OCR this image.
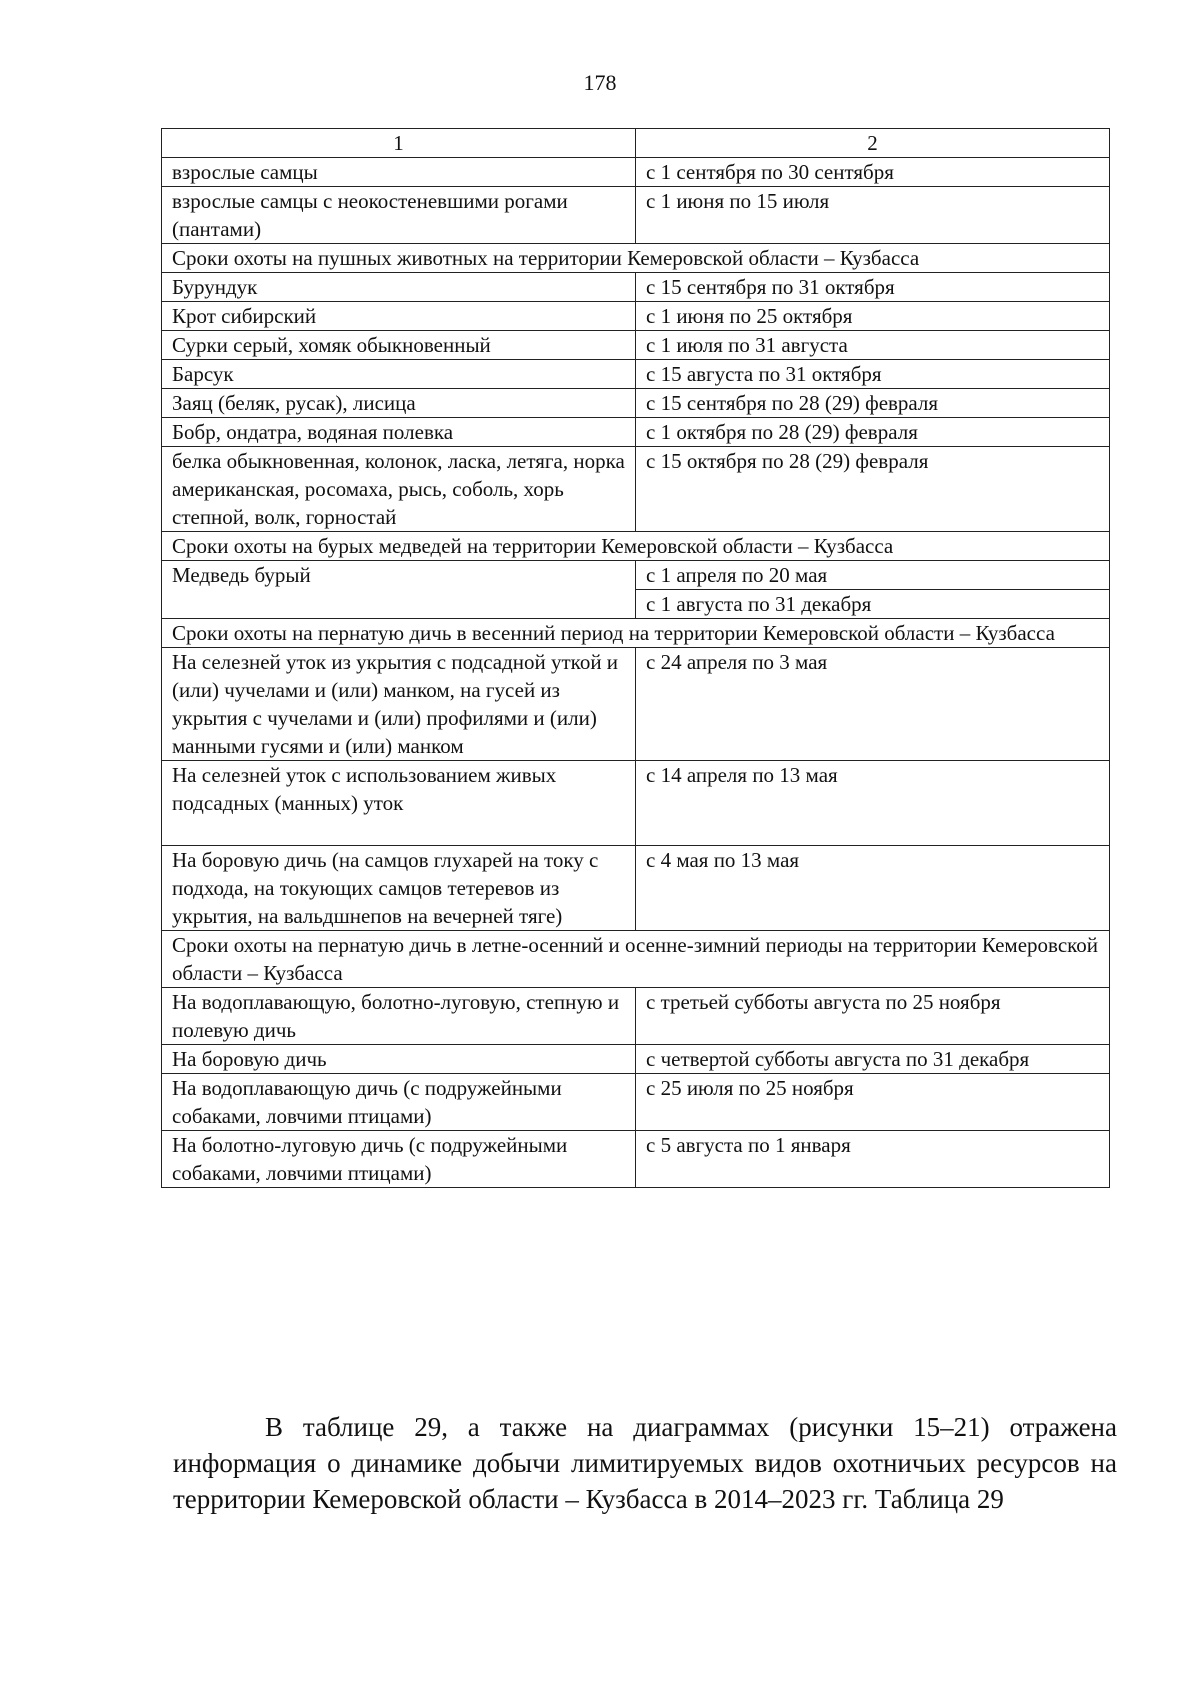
178
1	2
взрослые самцы	с 1 сентября по 30 сентября
взрослые самцы с неокостеневшими рогами (пантами)	с 1 июня по 15 июля
Сроки охоты на пушных животных на территории Кемеровской области – Кузбасса	
Бурундук	с 15 сентября по 31 октября
Крот сибирский	с 1 июня по 25 октября
Сурки серый, хомяк обыкновенный	с 1 июля по 31 августа
Барсук	с 15 августа по 31 октября
Заяц (беляк, русак), лисица	с 15 сентября по 28 (29) февраля
Бобр, ондатра, водяная полевка	с 1 октября по 28 (29) февраля
белка обыкновенная, колонок, ласка, летяга, норка американская, росомаха, рысь, соболь, хорь степной, волк, горностай	с 15 октября по 28 (29) февраля
Сроки охоты на бурых медведей на территории Кемеровской области – Кузбасса	
Медведь бурый	с 1 апреля по 20 мая
	с 1 августа по 31 декабря
Сроки охоты на пернатую дичь в весенний период на территории Кемеровской области – Кузбасса	
На селезней уток из укрытия с подсадной уткой и (или) чучелами и (или) манком, на гусей из укрытия с чучелами и (или) профилями и (или) манными гусями и (или) манком	с 24 апреля по 3 мая
На селезней уток с использованием живых подсадных (манных) уток	с 14 апреля по 13 мая
На боровую дичь (на самцов глухарей на току с подхода, на токующих самцов тетеревов из укрытия, на вальдшнепов на вечерней тяге)	с 4 мая по 13 мая
Сроки охоты на пернатую дичь в летне-осенний и осенне-зимний периоды на территории Кемеровской области – Кузбасса	
На водоплавающую, болотно-луговую, степную и полевую дичь	с третьей субботы августа по 25 ноября
На боровую дичь	с четвертой субботы августа по 31 декабря
На водоплавающую дичь (с подружейными собаками, ловчими птицами)	с 25 июля по 25 ноября
На болотно-луговую дичь (с подружейными собаками, ловчими птицами)	с 5 августа по 1 января

В таблице 29, а также на диаграммах (рисунки 15–21) отражена информация о динамике добычи лимитируемых видов охотничьих ресурсов на территории Кемеровской области – Кузбасса в 2014–2023 гг. Таблица 29
